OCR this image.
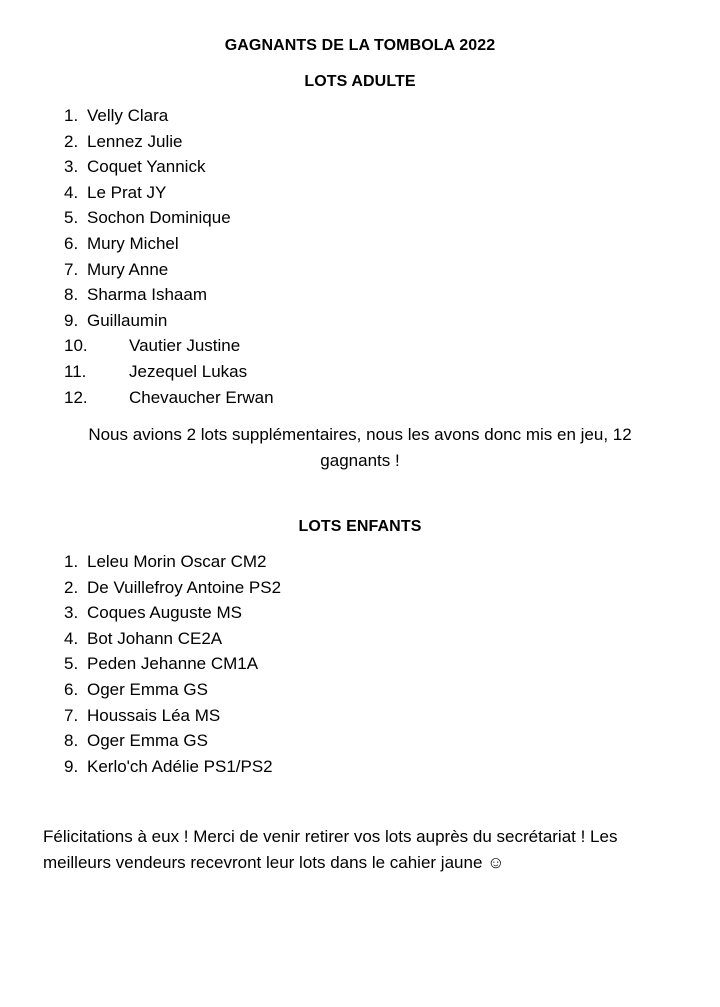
GAGNANTS DE LA TOMBOLA 2022
LOTS ADULTE
1. Velly Clara
2. Lennez Julie
3. Coquet Yannick
4. Le Prat JY
5. Sochon Dominique
6. Mury Michel
7. Mury Anne
8. Sharma Ishaam
9. Guillaumin
10. Vautier Justine
11.	Jezequel Lukas
12. Chevaucher Erwan

Nous avions 2 lots supplémentaires, nous les avons donc mis en jeu, 12 gagnants !

LOTS ENFANTS
1. Leleu Morin Oscar CM2
2. De Vuillefroy Antoine PS2
3. Coques Auguste MS
4. Bot Johann CE2A
5. Peden Jehanne CM1A
6. Oger Emma GS
7. Houssais Léa MS
8. Oger Emma GS
9. Kerlo'ch Adélie PS1/PS2

Félicitations à eux ! Merci de venir retirer vos lots auprès du secrétariat ! Les meilleurs vendeurs recevront leur lots dans le cahier jaune ☺
